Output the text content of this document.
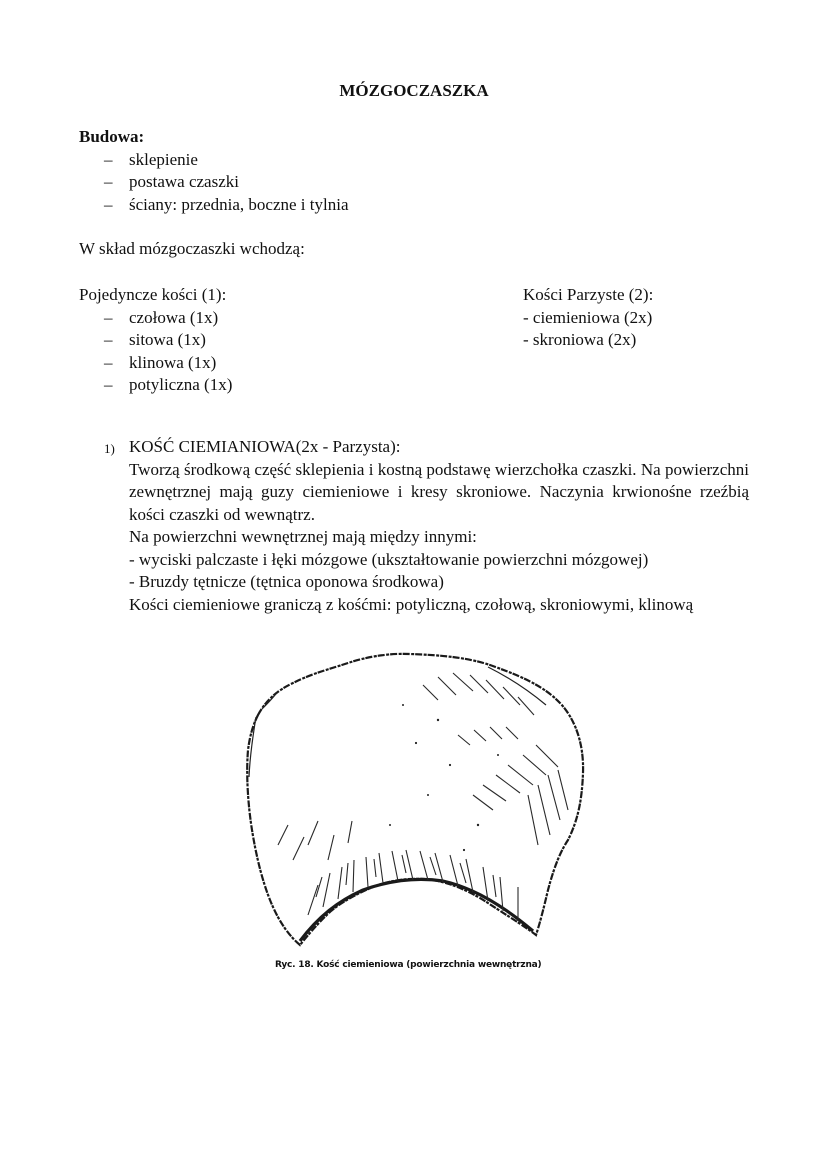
MÓZGOCZASZKA
Budowa:
– sklepienie
– postawa czaszki
– ściany: przednia, boczne i tylnia
W skład mózgoczaszki wchodzą:
Pojedyncze kości (1):
– czołowa (1x)
– sitowa (1x)
– klinowa (1x)
– potyliczna (1x)
Kości Parzyste (2):
- ciemieniowa (2x)
- skroniowa (2x)
1) KOŚĆ CIEMIANIOWA(2x - Parzysta):
Tworzą środkową część sklepienia i kostną podstawę wierzchołka czaszki. Na powierzchni zewnętrznej mają guzy ciemieniowe i kresy skroniowe. Naczynia krwionośne rzeźbią kości czaszki od wewnątrz.
Na powierzchni wewnętrznej mają między innymi:
- wyciski palczaste i łęki mózgowe (ukształtowanie powierzchni mózgowej)
- Bruzdy tętnicze (tętnica oponowa środkowa)
Kości ciemieniowe graniczą z kośćmi: potyliczną, czołową, skroniowymi, klinową
Ryc. 18. Kość ciemieniowa (powierzchnia wewnętrzna)
